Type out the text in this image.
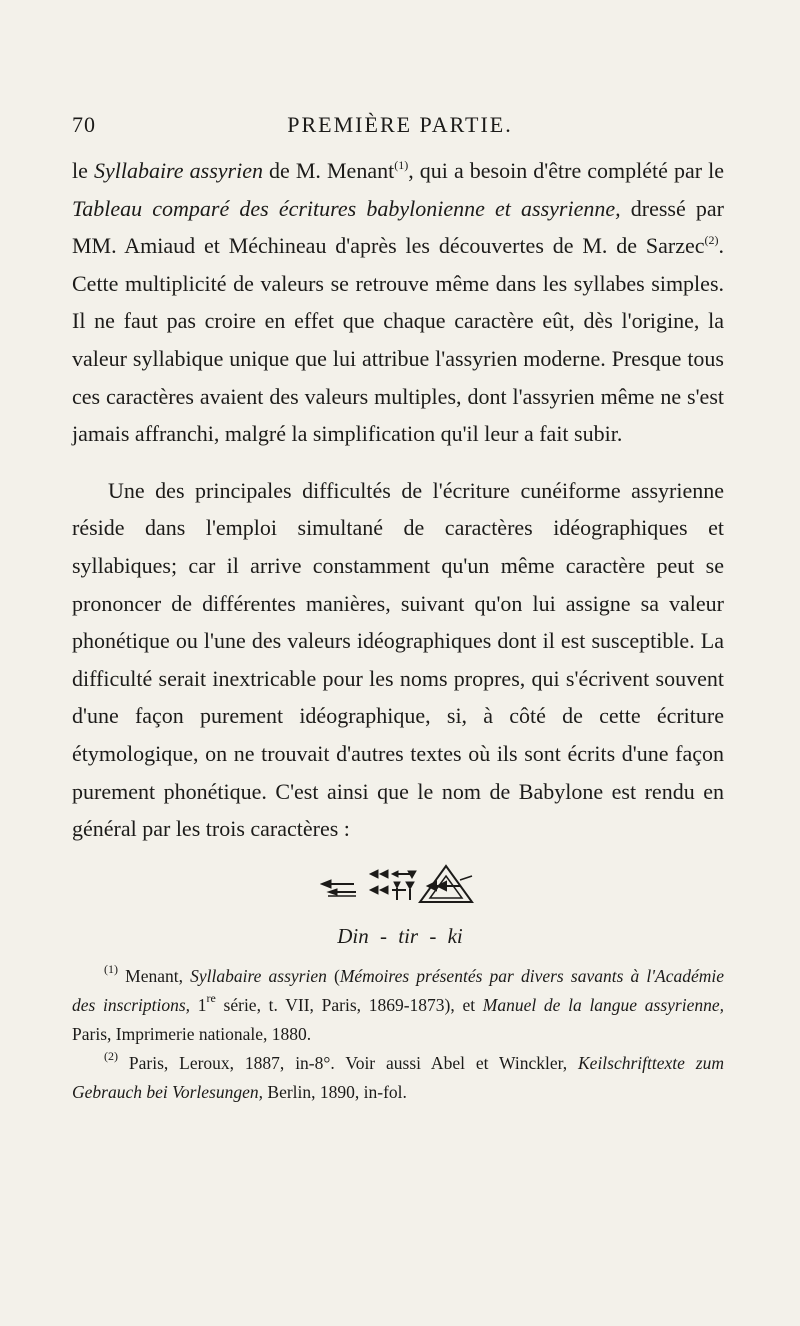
70	PREMIÈRE PARTIE.

le Syllabaire assyrien de M. Menant$^{(1)}$, qui a besoin d'être complété par le Tableau comparé des écritures babylonienne et assyrienne, dressé par MM. Amiaud et Méchineau d'après les découvertes de M. de Sarzec$^{(2)}$. Cette multiplicité de valeurs se retrouve même dans les syllabes simples. Il ne faut pas croire en effet que chaque caractère eût, dès l'origine, la valeur syllabique unique que lui attribue l'assyrien moderne. Presque tous ces caractères avaient des valeurs multiples, dont l'assyrien même ne s'est jamais affranchi, malgré la simplification qu'il leur a fait subir.

Une des principales difficultés de l'écriture cunéiforme assyrienne réside dans l'emploi simultané de caractères idéographiques et syllabiques; car il arrive constamment qu'un même caractère peut se prononcer de différentes manières, suivant qu'on lui assigne sa valeur phonétique ou l'une des valeurs idéographiques dont il est susceptible. La difficulté serait inextricable pour les noms propres, qui s'écrivent souvent d'une façon purement idéographique, si, à côté de cette écriture étymologique, on ne trouvait d'autres textes où ils sont écrits d'une façon purement phonétique. C'est ainsi que le nom de Babylone est rendu en général par les trois caractères :

Din - tir - ki

$^{(1)}$ Menant, Syllabaire assyrien (Mémoires présentés par divers savants à l'Académie des inscriptions, 1re série, t. VII, Paris, 1869-1873), et Manuel de la langue assyrienne, Paris, Imprimerie nationale, 1880.

$^{(2)}$ Paris, Leroux, 1887, in-8°. Voir aussi Abel et Winckler, Keilschrifttexte zum Gebrauch bei Vorlesungen, Berlin, 1890, in-fol.
